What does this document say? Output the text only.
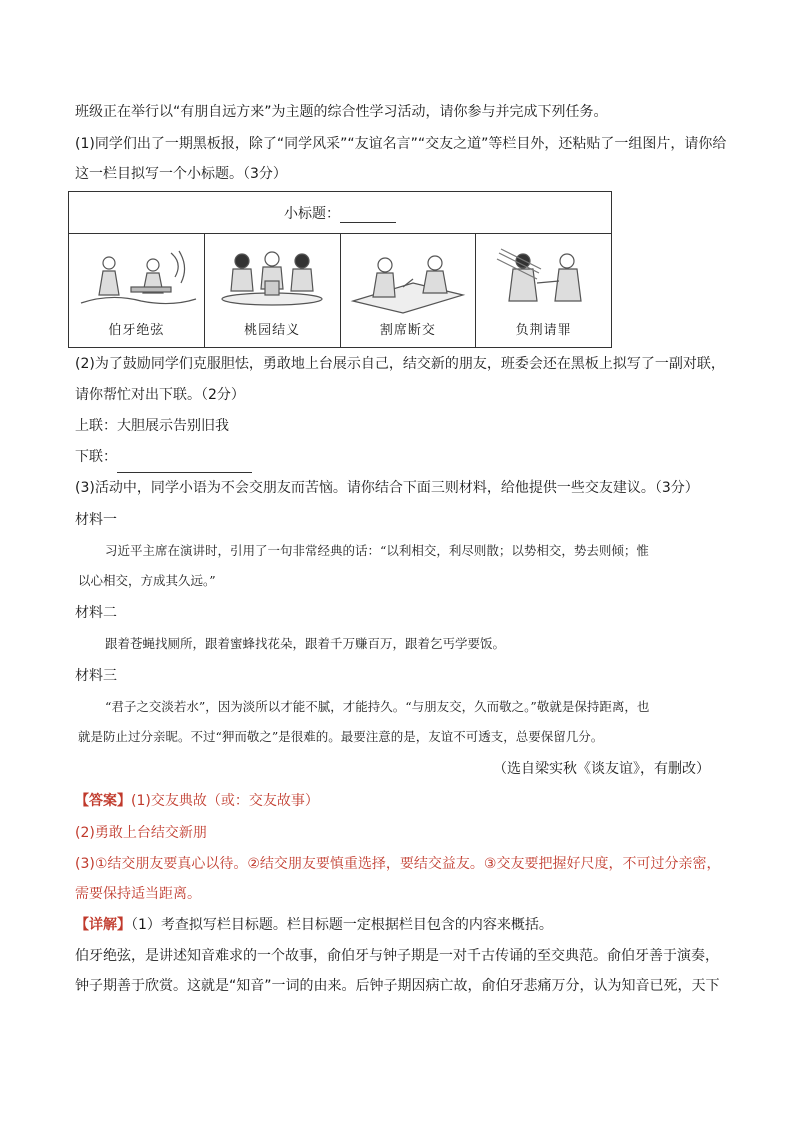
班级正在举行以“有朋自远方来”为主题的综合性学习活动，请你参与并完成下列任务。
(1)同学们出了一期黑板报，除了“同学风采”“友谊名言”“交友之道”等栏目外，还粘贴了一组图片，请你给
这一栏目拟写一个小标题。（3分）
小标题：

伯牙绝弦	桃园结义	割席断交	负荆请罪
(2)为了鼓励同学们克服胆怯，勇敢地上台展示自己，结交新的朋友，班委会还在黑板上拟写了一副对联，
请你帮忙对出下联。（2分）
上联：大胆展示告别旧我
下联：
(3)活动中，同学小语为不会交朋友而苦恼。请你结合下面三则材料，给他提供一些交友建议。（3分）
材料一
习近平主席在演讲时，引用了一句非常经典的话：“以利相交，利尽则散；以势相交，势去则倾；惟
以心相交，方成其久远。”
材料二
跟着苍蝇找厕所，跟着蜜蜂找花朵，跟着千万赚百万，跟着乞丐学要饭。
材料三
“君子之交淡若水”，因为淡所以才能不腻，才能持久。“与朋友交，久而敬之。”敬就是保持距离，也
就是防止过分亲昵。不过“狎而敬之”是很难的。最要注意的是，友谊不可透支，总要保留几分。
（选自梁实秋《谈友谊》，有删改）
【答案】(1)交友典故（或：交友故事）
(2)勇敢上台结交新朋
(3)①结交朋友要真心以待。②结交朋友要慎重选择，要结交益友。③交友要把握好尺度，不可过分亲密，
需要保持适当距离。
【详解】（1）考查拟写栏目标题。栏目标题一定根据栏目包含的内容来概括。
伯牙绝弦，是讲述知音难求的一个故事，俞伯牙与钟子期是一对千古传诵的至交典范。俞伯牙善于演奏，
钟子期善于欣赏。这就是“知音”一词的由来。后钟子期因病亡故，俞伯牙悲痛万分，认为知音已死，天下
